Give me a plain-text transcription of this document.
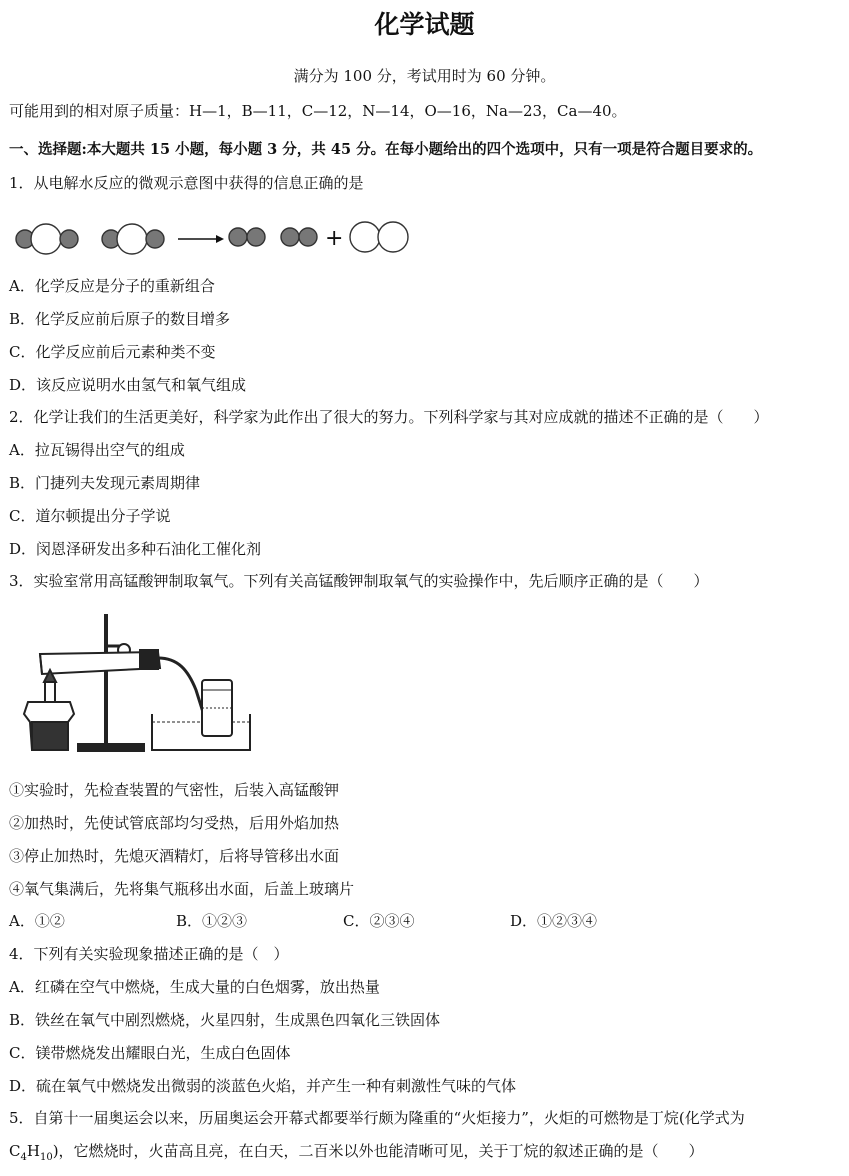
化学试题
满分为 100 分，考试用时为 60 分钟。
可能用到的相对原子质量：H—1，B—11，C—12，N—14，O—16，Na—23，Ca—40。
一、选择题:本大题共 15 小题，每小题 3 分，共 45 分。在每小题给出的四个选项中，只有一项是符合题目要求的。
1．从电解水反应的微观示意图中获得的信息正确的是
+
A．化学反应是分子的重新组合
B．化学反应前后原子的数目增多
C．化学反应前后元素种类不变
D．该反应说明水由氢气和氧气组成
2．化学让我们的生活更美好，科学家为此作出了很大的努力。下列科学家与其对应成就的描述不正确的是（　　）
A．拉瓦锡得出空气的组成
B．门捷列夫发现元素周期律
C．道尔顿提出分子学说
D．闵恩泽研发出多种石油化工催化剂
3．实验室常用高锰酸钾制取氧气。下列有关高锰酸钾制取氧气的实验操作中，先后顺序正确的是（　　）
①实验时，先检查装置的气密性，后装入高锰酸钾
②加热时，先使试管底部均匀受热，后用外焰加热
③停止加热时，先熄灭酒精灯，后将导管移出水面
④氧气集满后，先将集气瓶移出水面，后盖上玻璃片
A．①②	B．①②③	C．②③④	D．①②③④
4．下列有关实验现象描述正确的是（　）
A．红磷在空气中燃烧，生成大量的白色烟雾，放出热量
B．铁丝在氧气中剧烈燃烧，火星四射，生成黑色四氧化三铁固体
C．镁带燃烧发出耀眼白光，生成白色固体
D．硫在氧气中燃烧发出微弱的淡蓝色火焰，并产生一种有刺激性气味的气体
5．自第十一届奥运会以来，历届奥运会开幕式都要举行颇为隆重的“火炬接力”，火炬的可燃物是丁烷(化学式为
$C_4H_{10}$)，它燃烧时，火苗高且亮，在白天，二百米以外也能清晰可见，关于丁烷的叙述正确的是（　　）
